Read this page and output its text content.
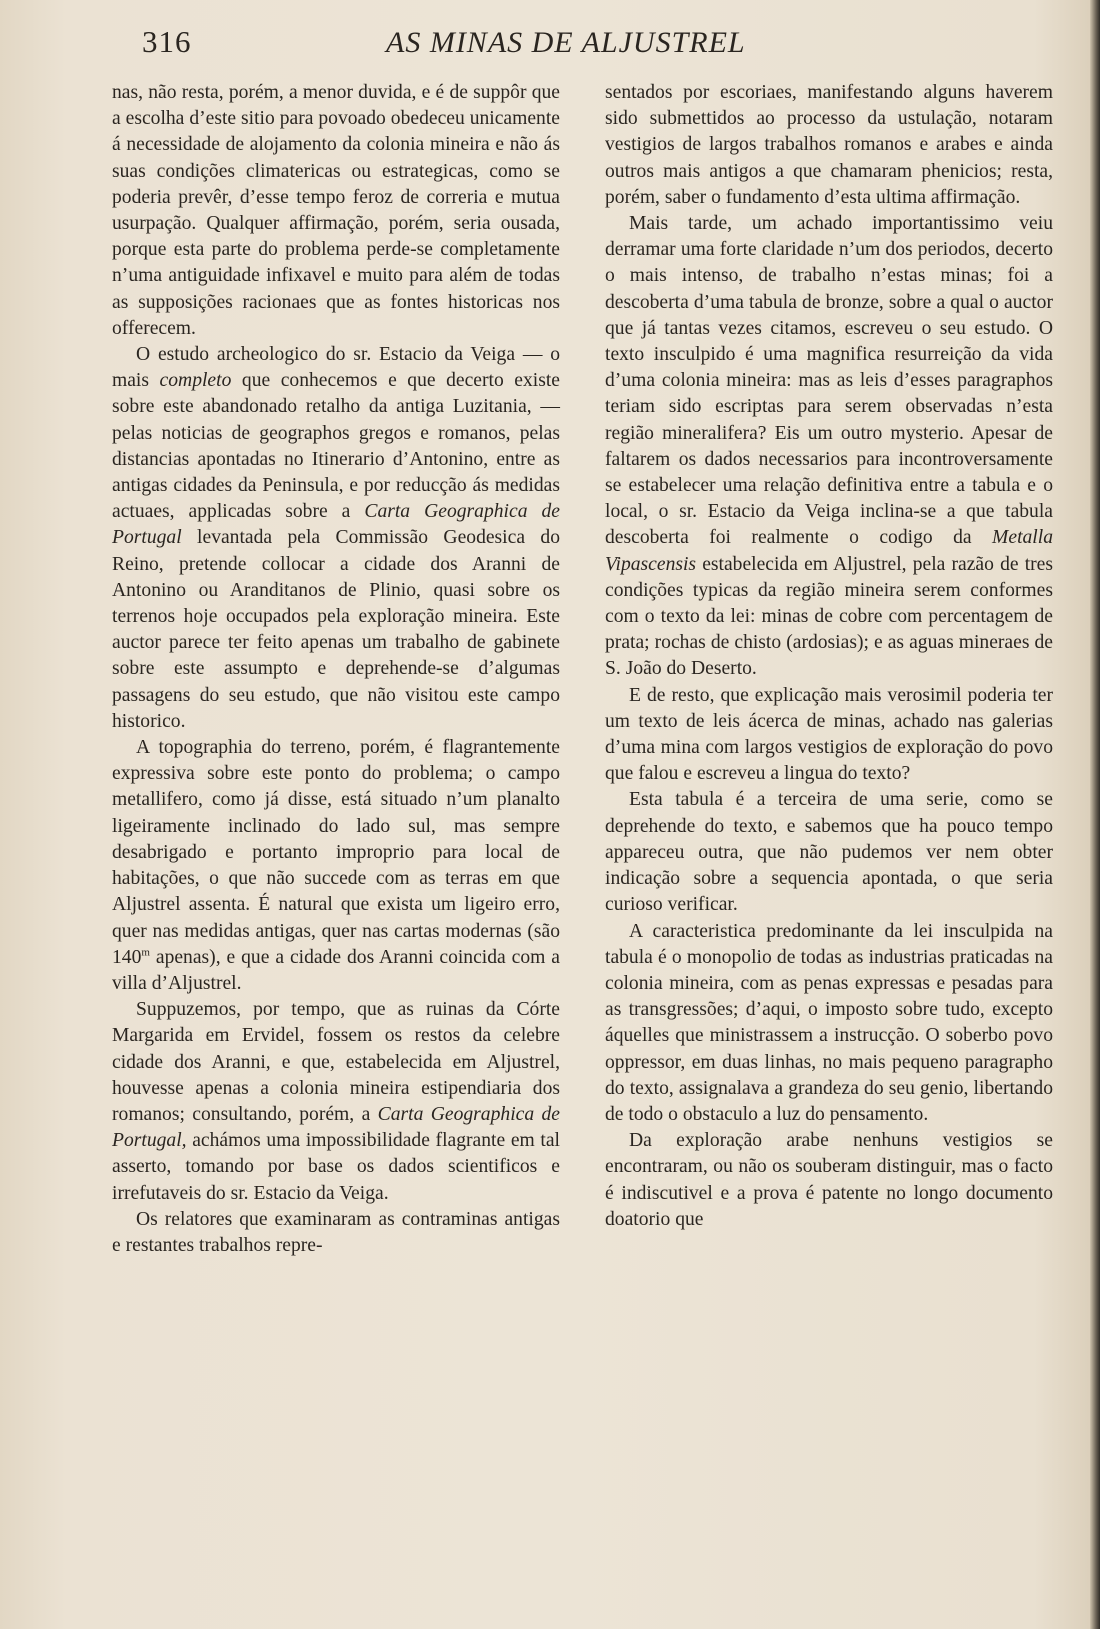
316	AS MINAS DE ALJUSTREL

nas, não resta, porém, a menor duvida, e é de suppôr que a escolha d’este sitio para povoado obedeceu unicamente á necessidade de alojamento da colonia mineira e não ás suas condições climatericas ou estrategicas, como se poderia prevêr, d’esse tempo feroz de correria e mutua usurpação. Qualquer affirmação, porém, seria ousada, porque esta parte do problema perde-se completamente n’uma antiguidade infixavel e muito para além de todas as supposições racionaes que as fontes historicas nos offerecem.

O estudo archeologico do sr. Estacio da Veiga — o mais completo que conhecemos e que decerto existe sobre este abandonado retalho da antiga Luzitania, — pelas noticias de geographos gregos e romanos, pelas distancias apontadas no Itinerario d’Antonino, entre as antigas cidades da Peninsula, e por reducção ás medidas actuaes, applicadas sobre a Carta Geographica de Portugal levantada pela Commissão Geodesica do Reino, pretende collocar a cidade dos Aranni de Antonino ou Aranditanos de Plinio, quasi sobre os terrenos hoje occupados pela exploração mineira. Este auctor parece ter feito apenas um trabalho de gabinete sobre este assumpto e deprehende-se d’algumas passagens do seu estudo, que não visitou este campo historico.

A topographia do terreno, porém, é flagrantemente expressiva sobre este ponto do problema; o campo metallifero, como já disse, está situado n’um planalto ligeiramente inclinado do lado sul, mas sempre desabrigado e portanto improprio para local de habitações, o que não succede com as terras em que Aljustrel assenta. É natural que exista um ligeiro erro, quer nas medidas antigas, quer nas cartas modernas (são 140$^m$ apenas), e que a cidade dos Aranni coincida com a villa d’Aljustrel.

Suppuzemos, por tempo, que as ruinas da Córte Margarida em Ervidel, fossem os restos da celebre cidade dos Aranni, e que, estabelecida em Aljustrel, houvesse apenas a colonia mineira estipendiaria dos romanos; consultando, porém, a Carta Geographica de Portugal, achámos uma impossibilidade flagrante em tal asserto, tomando por base os dados scientificos e irrefutaveis do sr. Estacio da Veiga.

Os relatores que examinaram as contraminas antigas e restantes trabalhos repre-

sentados por escoriaes, manifestando alguns haverem sido submettidos ao processo da ustulação, notaram vestigios de largos trabalhos romanos e arabes e ainda outros mais antigos a que chamaram phenicios; resta, porém, saber o fundamento d’esta ultima affirmação.

Mais tarde, um achado importantissimo veiu derramar uma forte claridade n’um dos periodos, decerto o mais intenso, de trabalho n’estas minas; foi a descoberta d’uma tabula de bronze, sobre a qual o auctor que já tantas vezes citamos, escreveu o seu estudo. O texto insculpido é uma magnifica resurreição da vida d’uma colonia mineira: mas as leis d’esses paragraphos teriam sido escriptas para serem observadas n’esta região mineralifera? Eis um outro mysterio. Apesar de faltarem os dados necessarios para incontroversamente se estabelecer uma relação definitiva entre a tabula e o local, o sr. Estacio da Veiga inclina-se a que tabula descoberta foi realmente o codigo da Metalla Vipascensis estabelecida em Aljustrel, pela razão de tres condições typicas da região mineira serem conformes com o texto da lei: minas de cobre com percentagem de prata; rochas de chisto (ardosias); e as aguas mineraes de S. João do Deserto.

E de resto, que explicação mais verosimil poderia ter um texto de leis ácerca de minas, achado nas galerias d’uma mina com largos vestigios de exploração do povo que falou e escreveu a lingua do texto?

Esta tabula é a terceira de uma serie, como se deprehende do texto, e sabemos que ha pouco tempo appareceu outra, que não pudemos ver nem obter indicação sobre a sequencia apontada, o que seria curioso verificar.

A caracteristica predominante da lei insculpida na tabula é o monopolio de todas as industrias praticadas na colonia mineira, com as penas expressas e pesadas para as transgressões; d’aqui, o imposto sobre tudo, excepto áquelles que ministrassem a instrucção. O soberbo povo oppressor, em duas linhas, no mais pequeno paragrapho do texto, assignalava a grandeza do seu genio, libertando de todo o obstaculo a luz do pensamento.

Da exploração arabe nenhuns vestigios se encontraram, ou não os souberam distinguir, mas o facto é indiscutivel e a prova é patente no longo documento doatorio que
